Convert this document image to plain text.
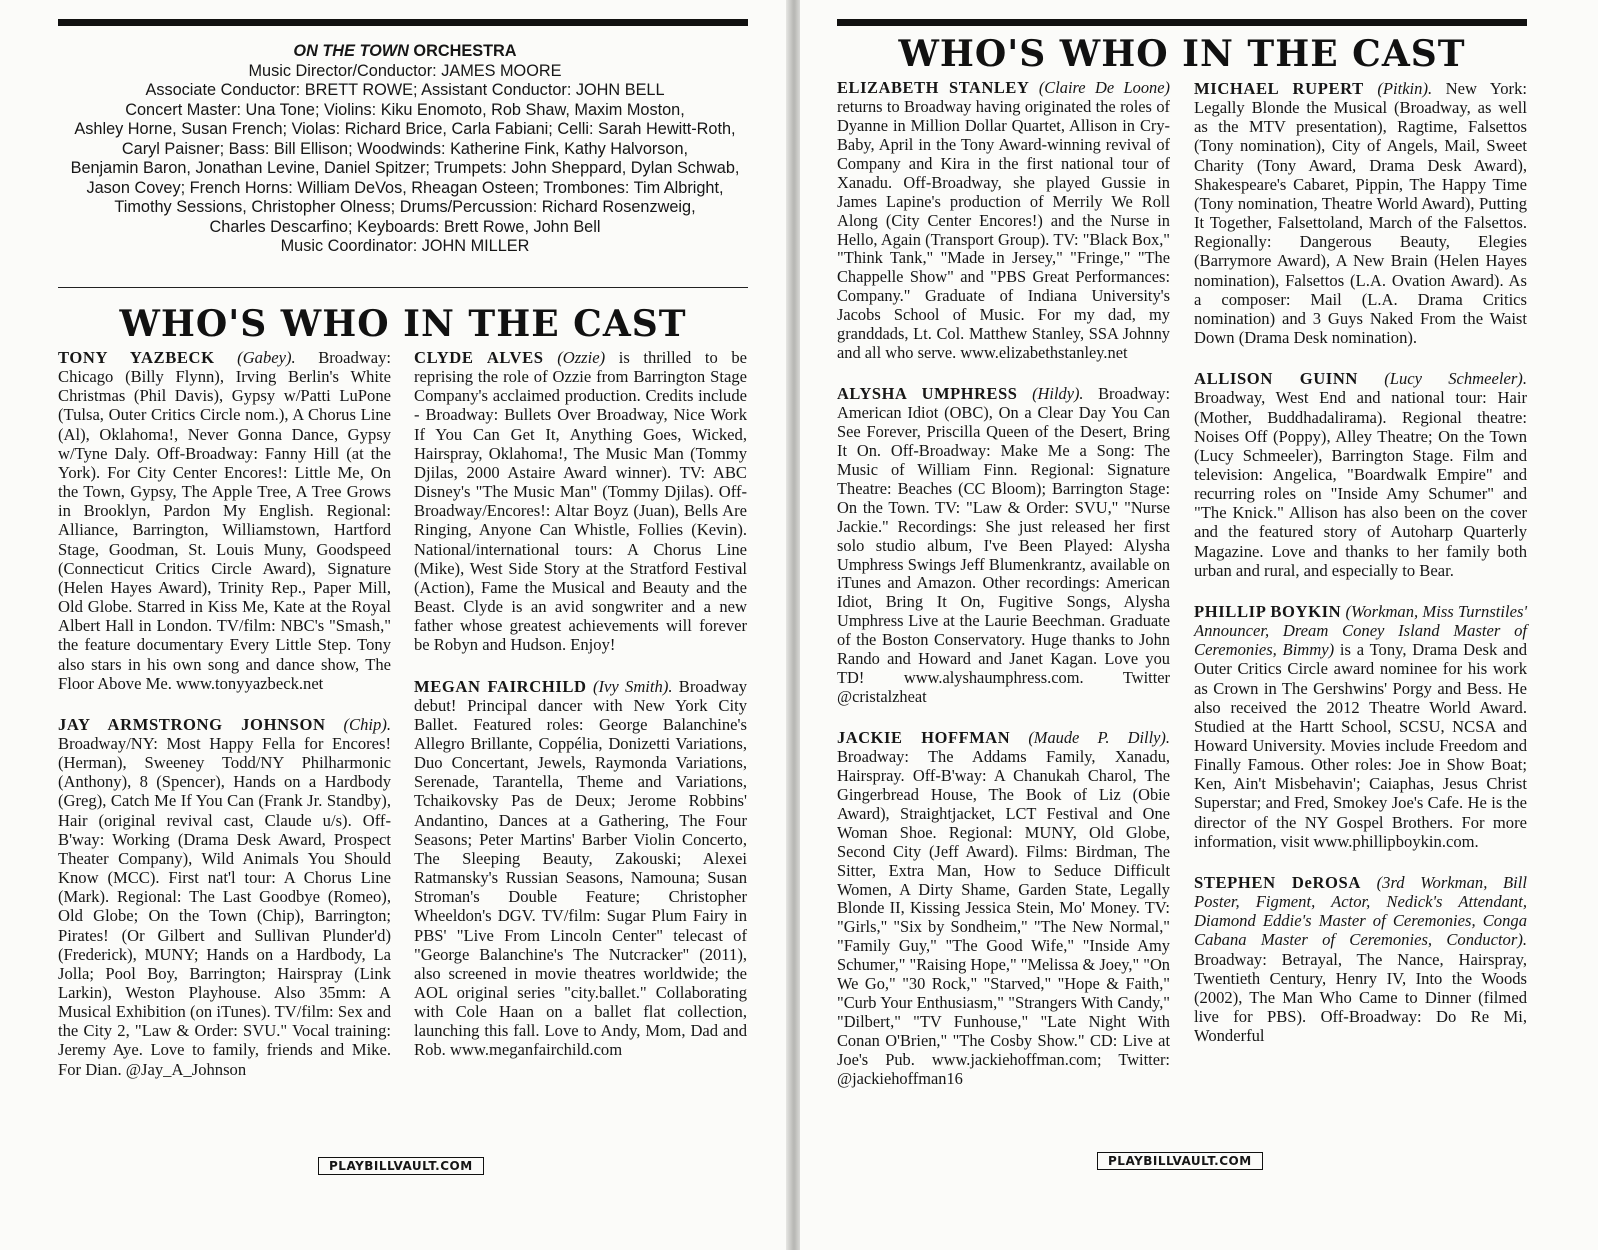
ON THE TOWN ORCHESTRA
Music Director/Conductor: JAMES MOORE
Associate Conductor: BRETT ROWE; Assistant Conductor: JOHN BELL
Concert Master: Una Tone; Violins: Kiku Enomoto, Rob Shaw, Maxim Moston,
Ashley Horne, Susan French; Violas: Richard Brice, Carla Fabiani; Celli: Sarah Hewitt-Roth,
Caryl Paisner; Bass: Bill Ellison; Woodwinds: Katherine Fink, Kathy Halvorson,
Benjamin Baron, Jonathan Levine, Daniel Spitzer; Trumpets: John Sheppard, Dylan Schwab,
Jason Covey; French Horns: William DeVos, Rheagan Osteen; Trombones: Tim Albright,
Timothy Sessions, Christopher Olness; Drums/Percussion: Richard Rosenzweig,
Charles Descarfino; Keyboards: Brett Rowe, John Bell
Music Coordinator: JOHN MILLER
WHO'S WHO IN THE CAST

TONY YAZBECK (Gabey). Broadway: Chicago (Billy Flynn), Irving Berlin's White Christmas (Phil Davis), Gypsy w/Patti LuPone (Tulsa, Outer Critics Circle nom.), A Chorus Line (Al), Oklahoma!, Never Gonna Dance, Gypsy w/Tyne Daly. Off-Broadway: Fanny Hill (at the York). For City Center Encores!: Little Me, On the Town, Gypsy, The Apple Tree, A Tree Grows in Brooklyn, Pardon My English. Regional: Alliance, Barrington, Williamstown, Hartford Stage, Goodman, St. Louis Muny, Goodspeed (Connecticut Critics Circle Award), Signature (Helen Hayes Award), Trinity Rep., Paper Mill, Old Globe. Starred in Kiss Me, Kate at the Royal Albert Hall in London. TV/film: NBC's "Smash," the feature documentary Every Little Step. Tony also stars in his own song and dance show, The Floor Above Me. www.tonyyazbeck.net

JAY ARMSTRONG JOHNSON (Chip). Broadway/NY: Most Happy Fella for Encores! (Herman), Sweeney Todd/NY Philharmonic (Anthony), 8 (Spencer), Hands on a Hardbody (Greg), Catch Me If You Can (Frank Jr. Standby), Hair (original revival cast, Claude u/s). Off-B'way: Working (Drama Desk Award, Prospect Theater Company), Wild Animals You Should Know (MCC). First nat'l tour: A Chorus Line (Mark). Regional: The Last Goodbye (Romeo), Old Globe; On the Town (Chip), Barrington; Pirates! (Or Gilbert and Sullivan Plunder'd) (Frederick), MUNY; Hands on a Hardbody, La Jolla; Pool Boy, Barrington; Hairspray (Link Larkin), Weston Playhouse. Also 35mm: A Musical Exhibition (on iTunes). TV/film: Sex and the City 2, "Law & Order: SVU." Vocal training: Jeremy Aye. Love to family, friends and Mike. For Dian. @Jay_A_Johnson

CLYDE ALVES (Ozzie) is thrilled to be reprising the role of Ozzie from Barrington Stage Company's acclaimed production. Credits include - Broadway: Bullets Over Broadway, Nice Work If You Can Get It, Anything Goes, Wicked, Hairspray, Oklahoma!, The Music Man (Tommy Djilas, 2000 Astaire Award winner). TV: ABC Disney's "The Music Man" (Tommy Djilas). Off-Broadway/Encores!: Altar Boyz (Juan), Bells Are Ringing, Anyone Can Whistle, Follies (Kevin). National/international tours: A Chorus Line (Mike), West Side Story at the Stratford Festival (Action), Fame the Musical and Beauty and the Beast. Clyde is an avid songwriter and a new father whose greatest achievements will forever be Robyn and Hudson. Enjoy!

MEGAN FAIRCHILD (Ivy Smith). Broadway debut! Principal dancer with New York City Ballet. Featured roles: George Balanchine's Allegro Brillante, Coppélia, Donizetti Variations, Duo Concertant, Jewels, Raymonda Variations, Serenade, Tarantella, Theme and Variations, Tchaikovsky Pas de Deux; Jerome Robbins' Andantino, Dances at a Gathering, The Four Seasons; Peter Martins' Barber Violin Concerto, The Sleeping Beauty, Zakouski; Alexei Ratmansky's Russian Seasons, Namouna; Susan Stroman's Double Feature; Christopher Wheeldon's DGV. TV/film: Sugar Plum Fairy in PBS' "Live From Lincoln Center" telecast of "George Balanchine's The Nutcracker" (2011), also screened in movie theatres worldwide; the AOL original series "city.ballet." Collaborating with Cole Haan on a ballet flat collection, launching this fall. Love to Andy, Mom, Dad and Rob. www.meganfairchild.com

PLAYBILLVAULT.COM
WHO'S WHO IN THE CAST

ELIZABETH STANLEY (Claire De Loone) returns to Broadway having originated the roles of Dyanne in Million Dollar Quartet, Allison in Cry-Baby, April in the Tony Award-winning revival of Company and Kira in the first national tour of Xanadu. Off-Broadway, she played Gussie in James Lapine's production of Merrily We Roll Along (City Center Encores!) and the Nurse in Hello, Again (Transport Group). TV: "Black Box," "Think Tank," "Made in Jersey," "Fringe," "The Chappelle Show" and "PBS Great Performances: Company." Graduate of Indiana University's Jacobs School of Music. For my dad, my granddads, Lt. Col. Matthew Stanley, SSA Johnny and all who serve. www.elizabethstanley.net

ALYSHA UMPHRESS (Hildy). Broadway: American Idiot (OBC), On a Clear Day You Can See Forever, Priscilla Queen of the Desert, Bring It On. Off-Broadway: Make Me a Song: The Music of William Finn. Regional: Signature Theatre: Beaches (CC Bloom); Barrington Stage: On the Town. TV: "Law & Order: SVU," "Nurse Jackie." Recordings: She just released her first solo studio album, I've Been Played: Alysha Umphress Swings Jeff Blumenkrantz, available on iTunes and Amazon. Other recordings: American Idiot, Bring It On, Fugitive Songs, Alysha Umphress Live at the Laurie Beechman. Graduate of the Boston Conservatory. Huge thanks to John Rando and Howard and Janet Kagan. Love you TD! www.alyshaumphress.com. Twitter @cristalzheat

JACKIE HOFFMAN (Maude P. Dilly). Broadway: The Addams Family, Xanadu, Hairspray. Off-B'way: A Chanukah Charol, The Gingerbread House, The Book of Liz (Obie Award), Straightjacket, LCT Festival and One Woman Shoe. Regional: MUNY, Old Globe, Second City (Jeff Award). Films: Birdman, The Sitter, Extra Man, How to Seduce Difficult Women, A Dirty Shame, Garden State, Legally Blonde II, Kissing Jessica Stein, Mo' Money. TV: "Girls," "Six by Sondheim," "The New Normal," "Family Guy," "The Good Wife," "Inside Amy Schumer," "Raising Hope," "Melissa & Joey," "On We Go," "30 Rock," "Starved," "Hope & Faith," "Curb Your Enthusiasm," "Strangers With Candy," "Dilbert," "TV Funhouse," "Late Night With Conan O'Brien," "The Cosby Show." CD: Live at Joe's Pub. www.jackiehoffman.com; Twitter: @jackiehoffman16

MICHAEL RUPERT (Pitkin). New York: Legally Blonde the Musical (Broadway, as well as the MTV presentation), Ragtime, Falsettos (Tony nomination), City of Angels, Mail, Sweet Charity (Tony Award, Drama Desk Award), Shakespeare's Cabaret, Pippin, The Happy Time (Tony nomination, Theatre World Award), Putting It Together, Falsettoland, March of the Falsettos. Regionally: Dangerous Beauty, Elegies (Barrymore Award), A New Brain (Helen Hayes nomination), Falsettos (L.A. Ovation Award). As a composer: Mail (L.A. Drama Critics nomination) and 3 Guys Naked From the Waist Down (Drama Desk nomination).

ALLISON GUINN (Lucy Schmeeler). Broadway, West End and national tour: Hair (Mother, Buddhadalirama). Regional theatre: Noises Off (Poppy), Alley Theatre; On the Town (Lucy Schmeeler), Barrington Stage. Film and television: Angelica, "Boardwalk Empire" and recurring roles on "Inside Amy Schumer" and "The Knick." Allison has also been on the cover and the featured story of Autoharp Quarterly Magazine. Love and thanks to her family both urban and rural, and especially to Bear.

PHILLIP BOYKIN (Workman, Miss Turnstiles' Announcer, Dream Coney Island Master of Ceremonies, Bimmy) is a Tony, Drama Desk and Outer Critics Circle award nominee for his work as Crown in The Gershwins' Porgy and Bess. He also received the 2012 Theatre World Award. Studied at the Hartt School, SCSU, NCSA and Howard University. Movies include Freedom and Finally Famous. Other roles: Joe in Show Boat; Ken, Ain't Misbehavin'; Caiaphas, Jesus Christ Superstar; and Fred, Smokey Joe's Cafe. He is the director of the NY Gospel Brothers. For more information, visit www.phillipboykin.com.

STEPHEN DeROSA (3rd Workman, Bill Poster, Figment, Actor, Nedick's Attendant, Diamond Eddie's Master of Ceremonies, Conga Cabana Master of Ceremonies, Conductor). Broadway: Betrayal, The Nance, Hairspray, Twentieth Century, Henry IV, Into the Woods (2002), The Man Who Came to Dinner (filmed live for PBS). Off-Broadway: Do Re Mi, Wonderful

PLAYBILLVAULT.COM
